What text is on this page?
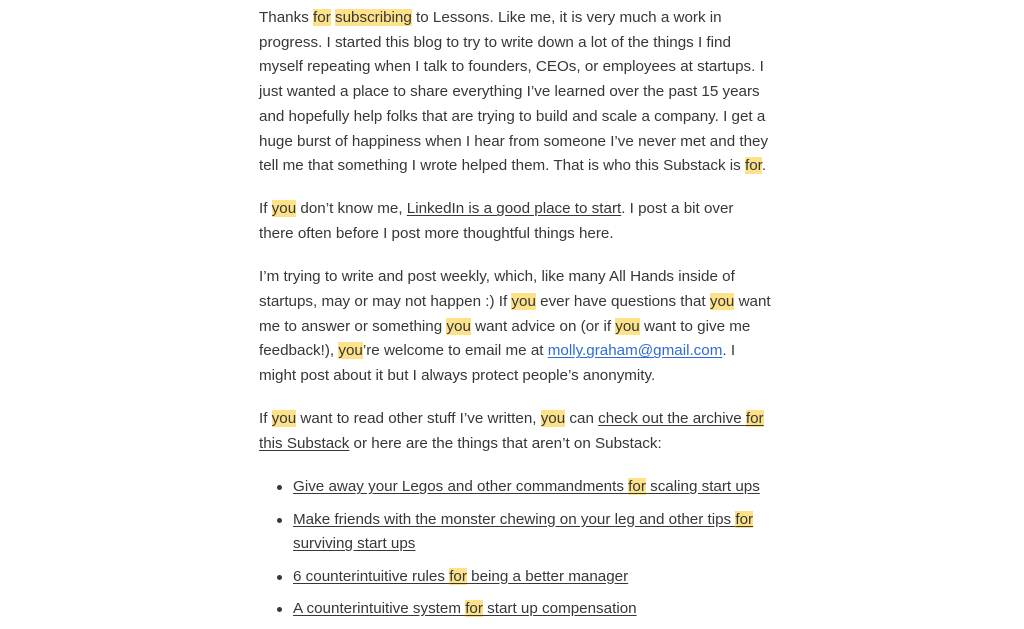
Thanks for subscribing to Lessons. Like me, it is very much a work in
progress. I started this blog to try to write down a lot of the things I find
myself repeating when I talk to founders, CEOs, or employees at startups. I
just wanted a place to share everything I’ve learned over the past 15 years
and hopefully help folks that are trying to build and scale a company. I get a
huge burst of happiness when I hear from someone I’ve never met and they
tell me that something I wrote helped them. That is who this Substack is for.

If you don’t know me, LinkedIn is a good place to start. I post a bit over
there often before I post more thoughtful things here.

I’m trying to write and post weekly, which, like many All Hands inside of
startups, may or may not happen :) If you ever have questions that you want
me to answer or something you want advice on (or if you want to give me
feedback!), you’re welcome to email me at molly.graham@gmail.com. I
might post about it but I always protect people’s anonymity.

If you want to read other stuff I’ve written, you can check out the archive for
this Substack or here are the things that aren’t on Substack:

Give away your Legos and other commandments for scaling start ups
Make friends with the monster chewing on your leg and other tips for
surviving start ups
6 counterintuitive rules for being a better manager
A counterintuitive system for start up compensation
